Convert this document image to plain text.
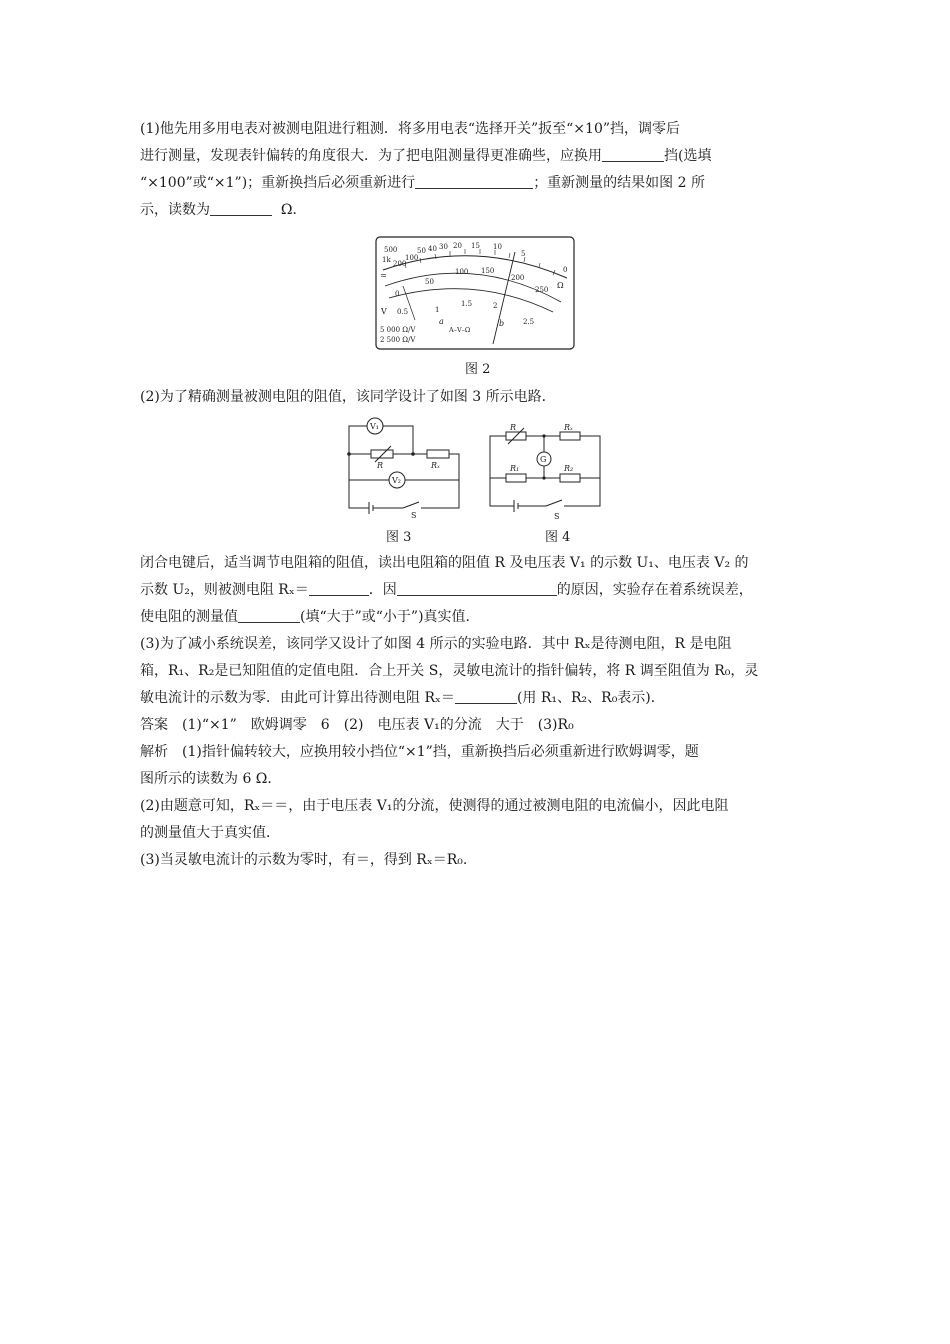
(1)他先用多用电表对被测电阻进行粗测．将多用电表“选择开关”扳至“×10”挡，调零后

进行测量，发现表针偏转的角度很大．为了把电阻测量得更准确些，应换用	挡(选填

“×100”或“×1”)；重新换挡后必须重新进行	；重新测量的结果如图 2 所

示，读数为	Ω．

500
1k 200
100
50 40 30 20 15 10
5
0
100 150
200
250
0
50
0.5	1
1.5	2
2.5
Ω
≂
V
a	b
A–V–Ω
5 000 Ω/V
2 500 Ω/V
图 2

(2)为了精确测量被测电阻的阻值，该同学设计了如图 3 所示电路．

V₁
V₂
R	Rₓ
S
图 3
G
R	Rₓ
R₁	R₂
S
图 4

闭合电键后，适当调节电阻箱的阻值，读出电阻箱的阻值 R 及电压表 V₁ 的示数 U₁、电压表 V₂ 的

示数 U₂，则被测电阻 Rₓ＝	．因	的原因，实验存在着系统误差，

使电阻的测量值	(填“大于”或“小于”)真实值．

(3)为了减小系统误差，该同学又设计了如图 4 所示的实验电路．其中 Rₓ是待测电阻，R 是电阻

箱，R₁、R₂是已知阻值的定值电阻．合上开关 S，灵敏电流计的指针偏转，将 R 调至阻值为 R₀，灵

敏电流计的示数为零．由此可计算出待测电阻 Rₓ＝	(用 R₁、R₂、R₀表示)．

答案　 (1)“×1”　欧姆调零　6　(2)　电压表 V₁的分流　大于　(3)R₀

解析　 (1)指针偏转较大，应换用较小挡位“×1”挡，重新换挡后必须重新进行欧姆调零，题

图所示的读数为 6 Ω．

(2)由题意可知，Rₓ＝＝，由于电压表 V₁的分流，使测得的通过被测电阻的电流偏小，因此电阻

的测量值大于真实值．

(3)当灵敏电流计的示数为零时，有＝，得到 Rₓ＝R₀.
